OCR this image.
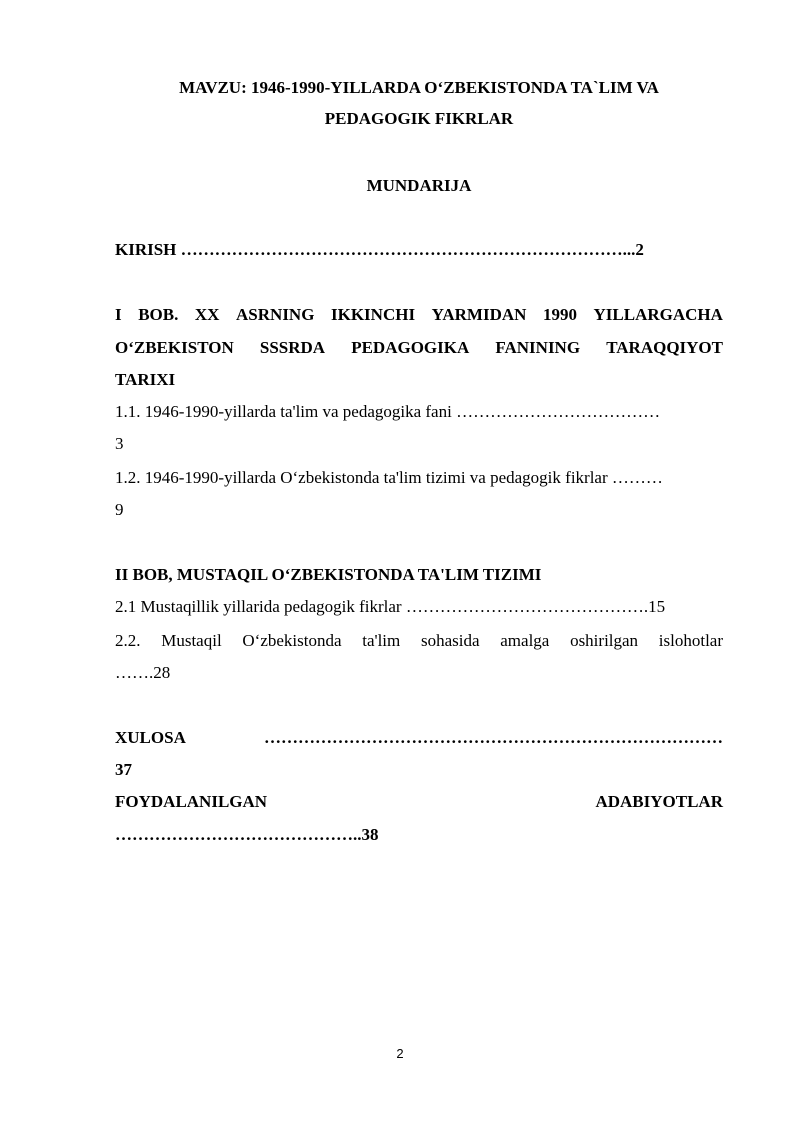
MAVZU: 1946-1990-YILLARDA O‘ZBEKISTONDA TA`LIM VA
PEDAGOGIK FIKRLAR
MUNDARIJA
KIRISH ……………………………………………………………………...2
I BOB. XX ASRNING IKKINCHI YARMIDAN 1990 YILLARGACHA
O‘ZBEKISTON SSSRDA PEDAGOGIKA FANINING TARAQQIYOT
TARIXI
1.1. 1946-1990-yillarda ta'lim va pedagogika fani ………………………………
3
1.2. 1946-1990-yillarda O‘zbekistonda ta'lim tizimi va pedagogik fikrlar ………
9
II BOB, MUSTAQIL O‘ZBEKISTONDA TA'LIM TIZIMI
2.1 Mustaqillik yillarida pedagogik fikrlar …………………………………….15
2.2. Mustaqil O‘zbekistonda ta'lim sohasida amalga oshirilgan islohotlar
…….28
XULOSA	………………………………………………………………………
37
FOYDALANILGAN	ADABIYOTLAR
……………………………………..38
2
